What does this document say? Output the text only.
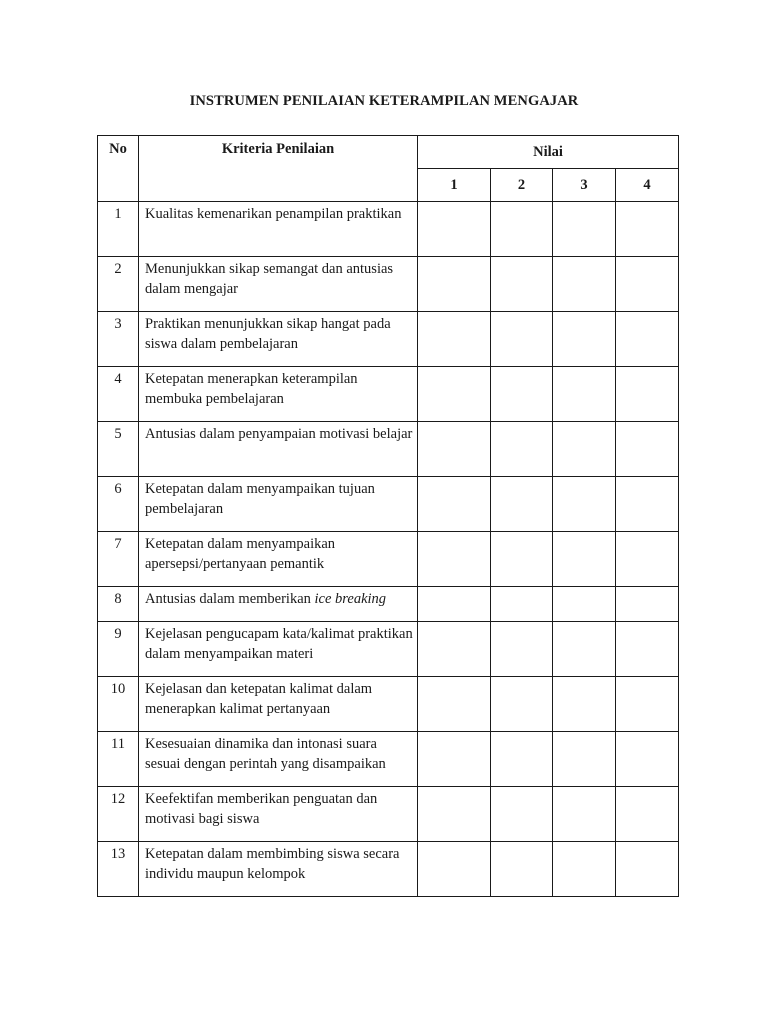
INSTRUMEN PENILAIAN KETERAMPILAN MENGAJAR
No	Kriteria Penilaian	Nilai			
		1	2	3	4
1	Kualitas kemenarikan penampilan praktikan				
2	Menunjukkan sikap semangat dan antusias dalam mengajar				
3	Praktikan menunjukkan sikap hangat pada siswa dalam pembelajaran				
4	Ketepatan menerapkan keterampilan membuka pembelajaran				
5	Antusias dalam penyampaian motivasi belajar				
6	Ketepatan dalam menyampaikan tujuan pembelajaran				
7	Ketepatan dalam menyampaikan apersepsi/pertanyaan pemantik				
8	Antusias dalam memberikan ice breaking				
9	Kejelasan pengucapam kata/kalimat praktikan dalam menyampaikan materi				
10	Kejelasan dan ketepatan kalimat dalam menerapkan kalimat pertanyaan				
11	Kesesuaian dinamika dan intonasi suara sesuai dengan perintah yang disampaikan				
12	Keefektifan memberikan penguatan dan motivasi bagi siswa				
13	Ketepatan dalam membimbing siswa secara individu maupun kelompok				
